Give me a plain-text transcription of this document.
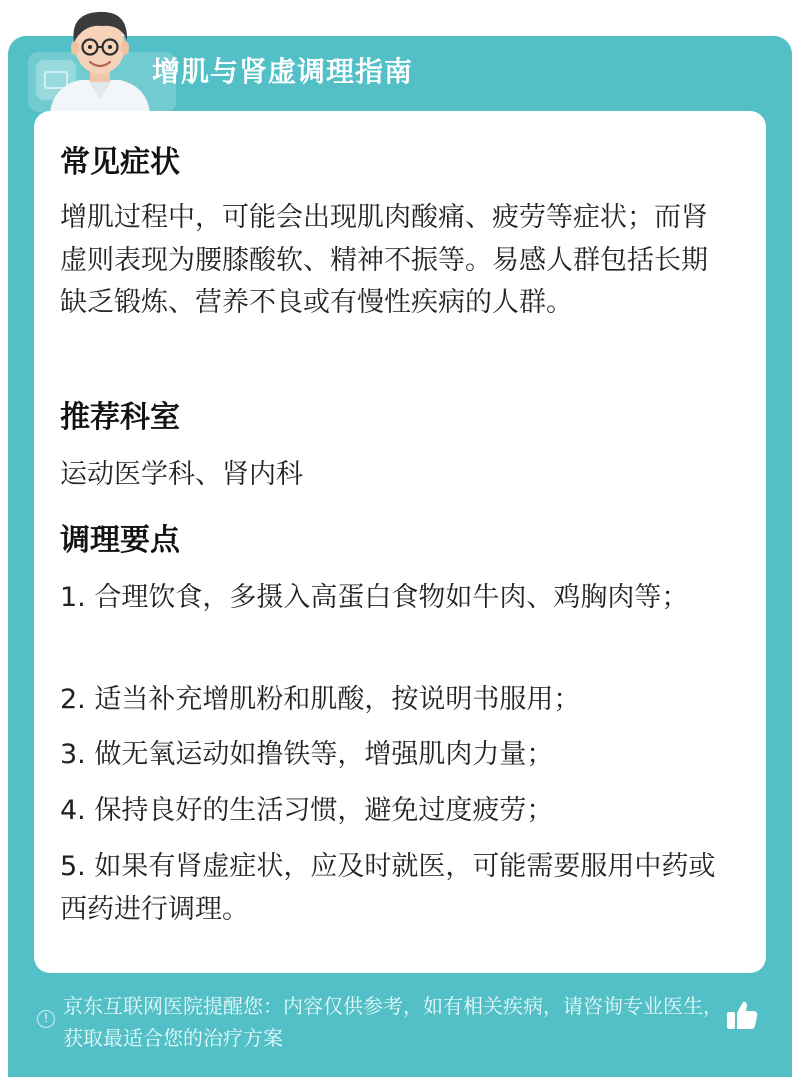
增肌与肾虚调理指南
常见症状
增肌过程中，可能会出现肌肉酸痛、疲劳等症状；而肾虚则表现为腰膝酸软、精神不振等。易感人群包括长期缺乏锻炼、营养不良或有慢性疾病的人群。
推荐科室
运动医学科、肾内科
调理要点
1. 合理饮食，多摄入高蛋白食物如牛肉、鸡胸肉等；
2. 适当补充增肌粉和肌酸，按说明书服用；
3. 做无氧运动如撸铁等，增强肌肉力量；
4. 保持良好的生活习惯，避免过度疲劳；
5. 如果有肾虚症状，应及时就医，可能需要服用中药或西药进行调理。
! 京东互联网医院提醒您：内容仅供参考，如有相关疾病，请咨询专业医生，获取最适合您的治疗方案
